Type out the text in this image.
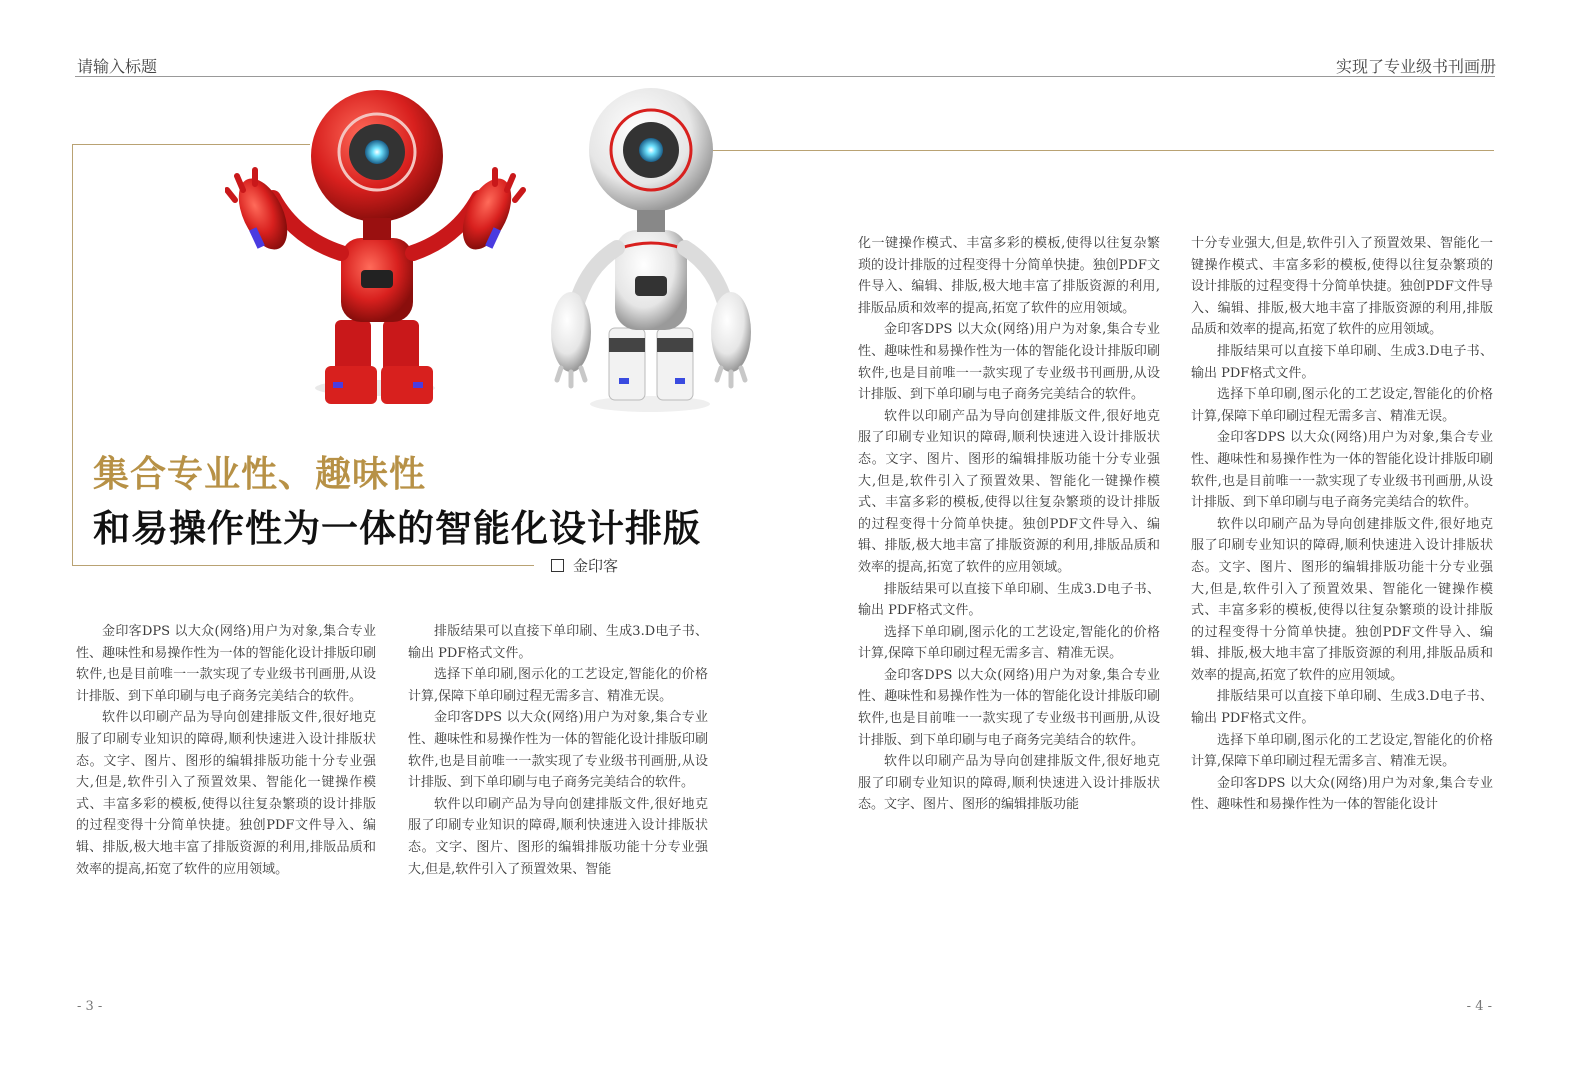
请输入标题	实现了专业级书刊画册
集合专业性、趣味性
和易操作性为一体的智能化设计排版
金印客

金印客DPS 以大众(网络)用户为对象,集合专业性、趣味性和易操作性为一体的智能化设计排版印刷软件,也是目前唯一一款实现了专业级书刊画册,从设计排版、到下单印刷与电子商务完美结合的软件。

软件以印刷产品为导向创建排版文件,很好地克服了印刷专业知识的障碍,顺利快速进入设计排版状态。文字、图片、图形的编辑排版功能十分专业强大,但是,软件引入了预置效果、智能化一键操作模式、丰富多彩的模板,使得以往复杂繁琐的设计排版的过程变得十分简单快捷。独创PDF文件导入、编辑、排版,极大地丰富了排版资源的利用,排版品质和效率的提高,拓宽了软件的应用领域。

排版结果可以直接下单印刷、生成3.D电子书、输出 PDF格式文件。

选择下单印刷,图示化的工艺设定,智能化的价格计算,保障下单印刷过程无需多言、精准无误。

金印客DPS 以大众(网络)用户为对象,集合专业性、趣味性和易操作性为一体的智能化设计排版印刷软件,也是目前唯一一款实现了专业级书刊画册,从设计排版、到下单印刷与电子商务完美结合的软件。

软件以印刷产品为导向创建排版文件,很好地克服了印刷专业知识的障碍,顺利快速进入设计排版状态。文字、图片、图形的编辑排版功能十分专业强大,但是,软件引入了预置效果、智能

化一键操作模式、丰富多彩的模板,使得以往复杂繁琐的设计排版的过程变得十分简单快捷。独创PDF文件导入、编辑、排版,极大地丰富了排版资源的利用,排版品质和效率的提高,拓宽了软件的应用领域。

金印客DPS 以大众(网络)用户为对象,集合专业性、趣味性和易操作性为一体的智能化设计排版印刷软件,也是目前唯一一款实现了专业级书刊画册,从设计排版、到下单印刷与电子商务完美结合的软件。

软件以印刷产品为导向创建排版文件,很好地克服了印刷专业知识的障碍,顺利快速进入设计排版状态。文字、图片、图形的编辑排版功能十分专业强大,但是,软件引入了预置效果、智能化一键操作模式、丰富多彩的模板,使得以往复杂繁琐的设计排版的过程变得十分简单快捷。独创PDF文件导入、编辑、排版,极大地丰富了排版资源的利用,排版品质和效率的提高,拓宽了软件的应用领域。

排版结果可以直接下单印刷、生成3.D电子书、输出 PDF格式文件。

选择下单印刷,图示化的工艺设定,智能化的价格计算,保障下单印刷过程无需多言、精准无误。

金印客DPS 以大众(网络)用户为对象,集合专业性、趣味性和易操作性为一体的智能化设计排版印刷软件,也是目前唯一一款实现了专业级书刊画册,从设计排版、到下单印刷与电子商务完美结合的软件。

软件以印刷产品为导向创建排版文件,很好地克服了印刷专业知识的障碍,顺利快速进入设计排版状态。文字、图片、图形的编辑排版功能

十分专业强大,但是,软件引入了预置效果、智能化一键操作模式、丰富多彩的模板,使得以往复杂繁琐的设计排版的过程变得十分简单快捷。独创PDF文件导入、编辑、排版,极大地丰富了排版资源的利用,排版品质和效率的提高,拓宽了软件的应用领域。

排版结果可以直接下单印刷、生成3.D电子书、输出 PDF格式文件。

选择下单印刷,图示化的工艺设定,智能化的价格计算,保障下单印刷过程无需多言、精准无误。

金印客DPS 以大众(网络)用户为对象,集合专业性、趣味性和易操作性为一体的智能化设计排版印刷软件,也是目前唯一一款实现了专业级书刊画册,从设计排版、到下单印刷与电子商务完美结合的软件。

软件以印刷产品为导向创建排版文件,很好地克服了印刷专业知识的障碍,顺利快速进入设计排版状态。文字、图片、图形的编辑排版功能十分专业强大,但是,软件引入了预置效果、智能化一键操作模式、丰富多彩的模板,使得以往复杂繁琐的设计排版的过程变得十分简单快捷。独创PDF文件导入、编辑、排版,极大地丰富了排版资源的利用,排版品质和效率的提高,拓宽了软件的应用领域。

排版结果可以直接下单印刷、生成3.D电子书、输出 PDF格式文件。

选择下单印刷,图示化的工艺设定,智能化的价格计算,保障下单印刷过程无需多言、精准无误。

金印客DPS 以大众(网络)用户为对象,集合专业性、趣味性和易操作性为一体的智能化设计

- 3 -	- 4 -
